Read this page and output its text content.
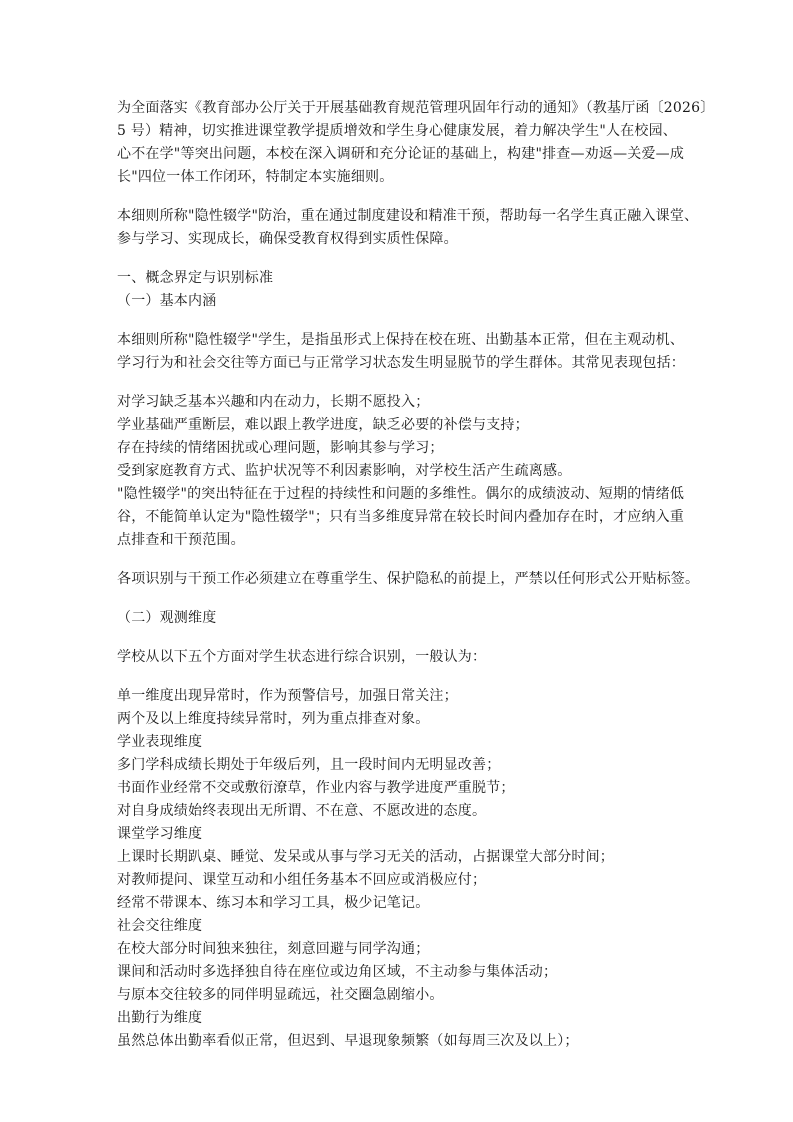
为全面落实《教育部办公厅关于开展基础教育规范管理巩固年行动的通知》（教基厅函〔2026〕
5 号）精神，切实推进课堂教学提质增效和学生身心健康发展，着力解决学生"人在校园、
心不在学"等突出问题，本校在深入调研和充分论证的基础上，构建"排查—劝返—关爱—成
长"四位一体工作闭环，特制定本实施细则。
本细则所称"隐性辍学"防治，重在通过制度建设和精准干预，帮助每一名学生真正融入课堂、
参与学习、实现成长，确保受教育权得到实质性保障。
一、概念界定与识别标准
（一）基本内涵
本细则所称"隐性辍学"学生，是指虽形式上保持在校在班、出勤基本正常，但在主观动机、
学习行为和社会交往等方面已与正常学习状态发生明显脱节的学生群体。其常见表现包括：
对学习缺乏基本兴趣和内在动力，长期不愿投入；
学业基础严重断层，难以跟上教学进度，缺乏必要的补偿与支持；
存在持续的情绪困扰或心理问题，影响其参与学习；
受到家庭教育方式、监护状况等不利因素影响，对学校生活产生疏离感。
"隐性辍学"的突出特征在于过程的持续性和问题的多维性。偶尔的成绩波动、短期的情绪低
谷，不能简单认定为"隐性辍学"；只有当多维度异常在较长时间内叠加存在时，才应纳入重
点排查和干预范围。
各项识别与干预工作必须建立在尊重学生、保护隐私的前提上，严禁以任何形式公开贴标签。
（二）观测维度
学校从以下五个方面对学生状态进行综合识别，一般认为：
单一维度出现异常时，作为预警信号，加强日常关注；
两个及以上维度持续异常时，列为重点排查对象。
学业表现维度
多门学科成绩长期处于年级后列，且一段时间内无明显改善；
书面作业经常不交或敷衍潦草，作业内容与教学进度严重脱节；
对自身成绩始终表现出无所谓、不在意、不愿改进的态度。
课堂学习维度
上课时长期趴桌、睡觉、发呆或从事与学习无关的活动，占据课堂大部分时间；
对教师提问、课堂互动和小组任务基本不回应或消极应付；
经常不带课本、练习本和学习工具，极少记笔记。
社会交往维度
在校大部分时间独来独往，刻意回避与同学沟通；
课间和活动时多选择独自待在座位或边角区域，不主动参与集体活动；
与原本交往较多的同伴明显疏远，社交圈急剧缩小。
出勤行为维度
虽然总体出勤率看似正常，但迟到、早退现象频繁（如每周三次及以上）；
